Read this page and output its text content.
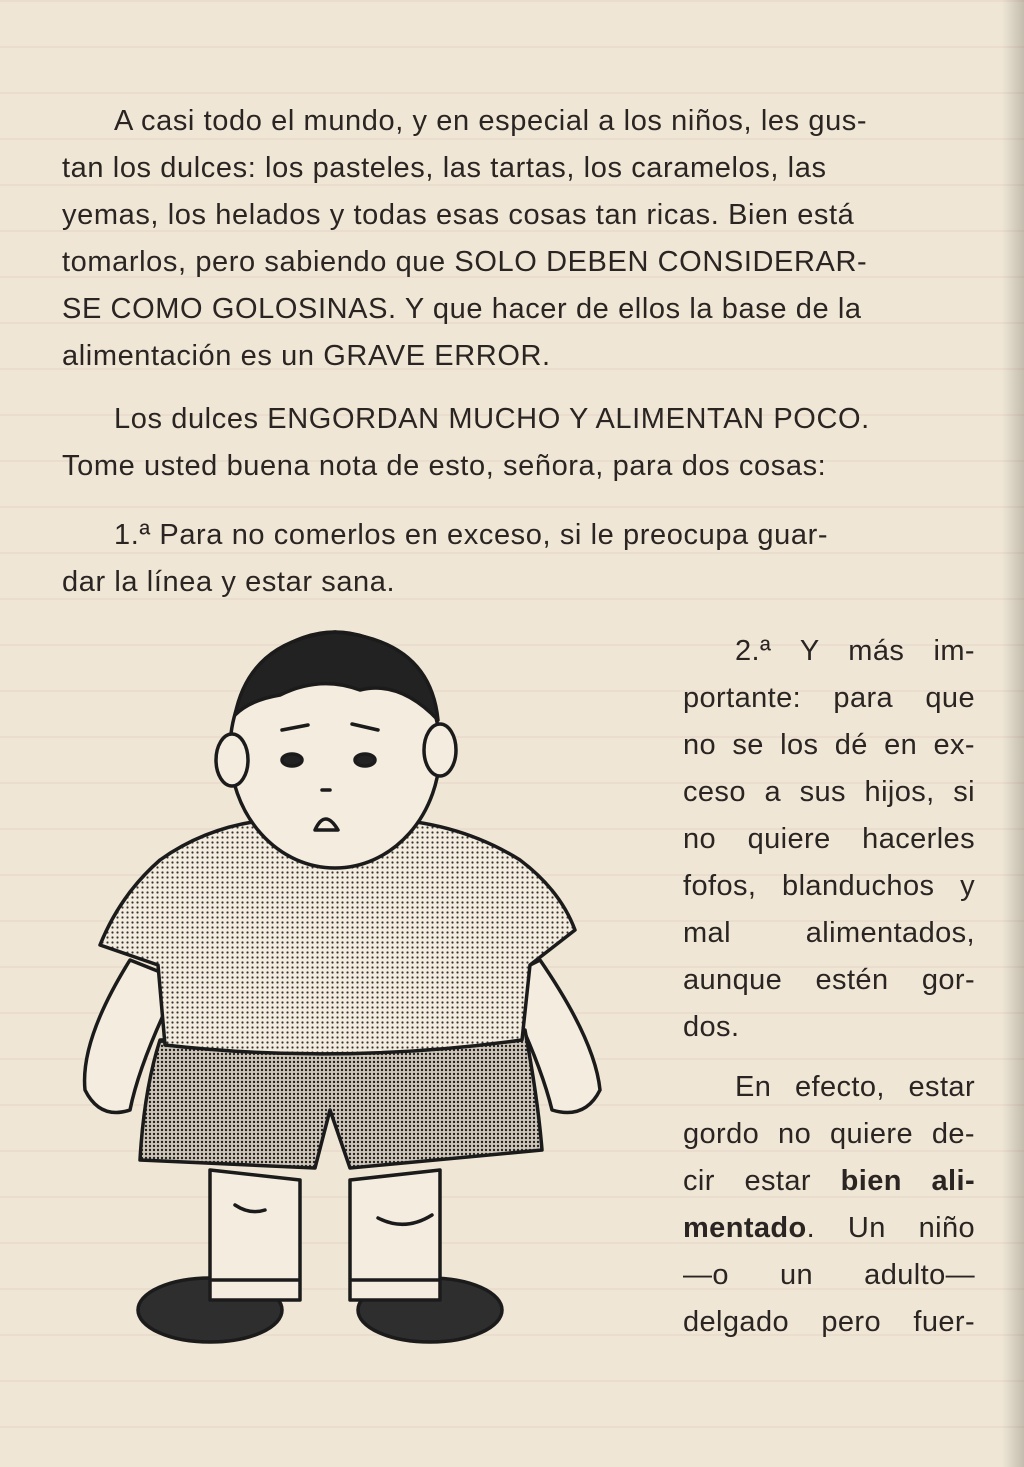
A casi todo el mundo, y en especial a los niños, les gus-
tan los dulces: los pasteles, las tartas, los caramelos, las
yemas, los helados y todas esas cosas tan ricas. Bien está
tomarlos, pero sabiendo que SOLO DEBEN CONSIDERAR-
SE COMO GOLOSINAS. Y que hacer de ellos la base de la
alimentación es un GRAVE ERROR.
Los dulces ENGORDAN MUCHO Y ALIMENTAN POCO.
Tome usted buena nota de esto, señora, para dos cosas:
1.ª Para no comerlos en exceso, si le preocupa guar-
dar la línea y estar sana.
2.ª Y más im-
portante: para que
no se los dé en ex-
ceso a sus hijos, si
no quiere hacerles
fofos, blanduchos y
mal alimentados,
aunque estén gor-
dos.
En efecto, estar
gordo no quiere de-
cir estar bien ali-
mentado. Un niño
—o un adulto—
delgado pero fuer-
